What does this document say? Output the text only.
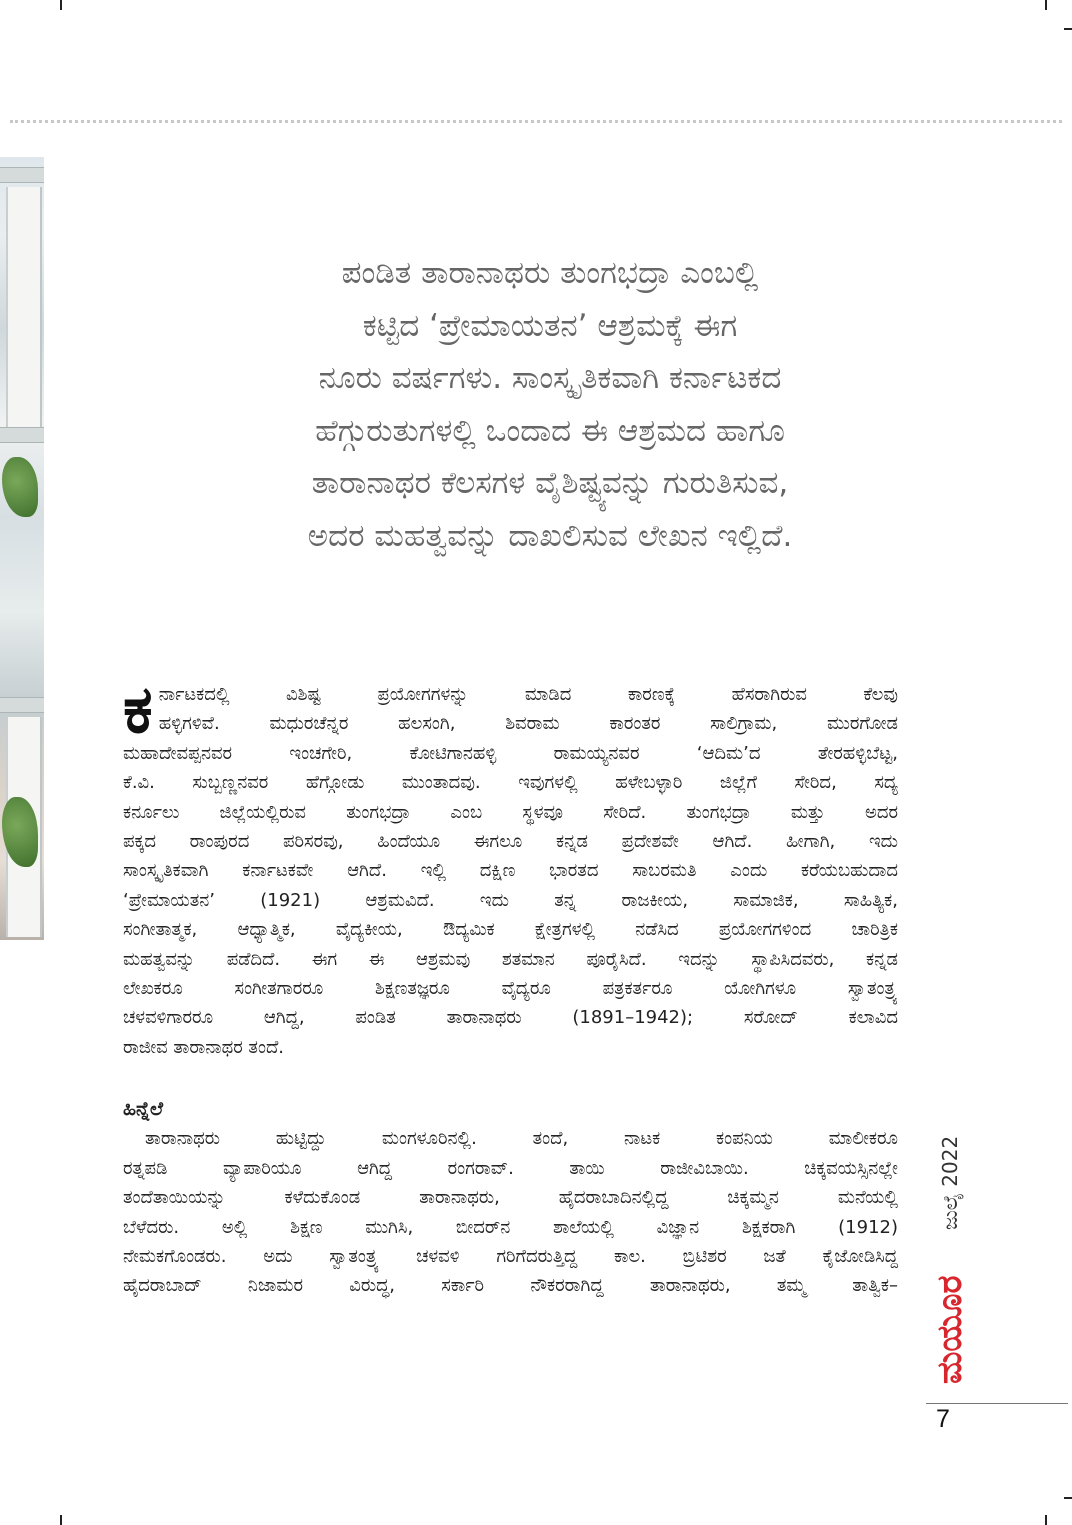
ಪಂಡಿತ ತಾರಾನಾಥರು ತುಂಗಭದ್ರಾ ಎಂಬಲ್ಲಿ
ಕಟ್ಟಿದ ‘ಪ್ರೇಮಾಯತನ’ ಆಶ್ರಮಕ್ಕೆ ಈಗ
ನೂರು ವರ್ಷಗಳು. ಸಾಂಸ್ಕೃತಿಕವಾಗಿ ಕರ್ನಾಟಕದ
ಹೆಗ್ಗುರುತುಗಳಲ್ಲಿ ಒಂದಾದ ಈ ಆಶ್ರಮದ ಹಾಗೂ
ತಾರಾನಾಥರ ಕೆಲಸಗಳ ವೈಶಿಷ್ಟ್ಯವನ್ನು ಗುರುತಿಸುವ,
ಅದರ ಮಹತ್ವವನ್ನು ದಾಖಲಿಸುವ ಲೇಖನ ಇಲ್ಲಿದೆ.
ಕ ರ್ನಾಟಕದಲ್ಲಿ ವಿಶಿಷ್ಟ ಪ್ರಯೋಗಗಳನ್ನು ಮಾಡಿದ ಕಾರಣಕ್ಕೆ ಹೆಸರಾಗಿರುವ ಕೆಲವು
ಹಳ್ಳಿಗಳಿವೆ. ಮಧುರಚೆನ್ನರ ಹಲಸಂಗಿ, ಶಿವರಾಮ ಕಾರಂತರ ಸಾಲಿಗ್ರಾಮ, ಮುರಗೋಡ
ಮಹಾದೇವಪ್ಪನವರ ಇಂಚಗೇರಿ, ಕೋಟಿಗಾನಹಳ್ಳಿ ರಾಮಯ್ಯನವರ ‘ಆದಿಮ’ದ ತೇರಹಳ್ಳಿಬೆಟ್ಟ,
ಕೆ.ವಿ. ಸುಬ್ಬಣ್ಣನವರ ಹೆಗ್ಗೋಡು ಮುಂತಾದವು. ಇವುಗಳಲ್ಲಿ ಹಳೇಬಳ್ಳಾರಿ ಜಿಲ್ಲೆಗೆ ಸೇರಿದ, ಸದ್ಯ
ಕರ್ನೂಲು ಜಿಲ್ಲೆಯಲ್ಲಿರುವ ತುಂಗಭದ್ರಾ ಎಂಬ ಸ್ಥಳವೂ ಸೇರಿದೆ. ತುಂಗಭದ್ರಾ ಮತ್ತು ಅದರ
ಪಕ್ಕದ ರಾಂಪುರದ ಪರಿಸರವು, ಹಿಂದೆಯೂ ಈಗಲೂ ಕನ್ನಡ ಪ್ರದೇಶವೇ ಆಗಿದೆ. ಹೀಗಾಗಿ, ಇದು
ಸಾಂಸ್ಕೃತಿಕವಾಗಿ ಕರ್ನಾಟಕವೇ ಆಗಿದೆ. ಇಲ್ಲಿ ದಕ್ಷಿಣ ಭಾರತದ ಸಾಬರಮತಿ ಎಂದು ಕರೆಯಬಹುದಾದ
‘ಪ್ರೇಮಾಯತನ’ (1921) ಆಶ್ರಮವಿದೆ. ಇದು ತನ್ನ ರಾಜಕೀಯ, ಸಾಮಾಜಿಕ, ಸಾಹಿತ್ಯಿಕ,
ಸಂಗೀತಾತ್ಮಕ, ಆಧ್ಯಾತ್ಮಿಕ, ವೈದ್ಯಕೀಯ, ಔದ್ಯಮಿಕ ಕ್ಷೇತ್ರಗಳಲ್ಲಿ ನಡೆಸಿದ ಪ್ರಯೋಗಗಳಿಂದ ಚಾರಿತ್ರಿಕ
ಮಹತ್ವವನ್ನು ಪಡೆದಿದೆ. ಈಗ ಈ ಆಶ್ರಮವು ಶತಮಾನ ಪೂರೈಸಿದೆ. ಇದನ್ನು ಸ್ಥಾಪಿಸಿದವರು, ಕನ್ನಡ
ಲೇಖಕರೂ ಸಂಗೀತಗಾರರೂ ಶಿಕ್ಷಣತಜ್ಞರೂ ವೈದ್ಯರೂ ಪತ್ರಕರ್ತರೂ ಯೋಗಿಗಳೂ ಸ್ವಾತಂತ್ರ್ಯ
ಚಳವಳಿಗಾರರೂ ಆಗಿದ್ದ, ಪಂಡಿತ ತಾರಾನಾಥರು (1891–1942); ಸರೋದ್ ಕಲಾವಿದ
ರಾಜೀವ ತಾರಾನಾಥರ ತಂದೆ.
ಹಿನ್ನೆಲೆ
ತಾರಾನಾಥರು ಹುಟ್ಟಿದ್ದು ಮಂಗಳೂರಿನಲ್ಲಿ. ತಂದೆ, ನಾಟಕ ಕಂಪನಿಯ ಮಾಲೀಕರೂ
ರತ್ನಪಡಿ ವ್ಯಾಪಾರಿಯೂ ಆಗಿದ್ದ ರಂಗರಾವ್. ತಾಯಿ ರಾಜೀವಿಬಾಯಿ. ಚಿಕ್ಕವಯಸ್ಸಿನಲ್ಲೇ
ತಂದೆತಾಯಿಯನ್ನು ಕಳೆದುಕೊಂಡ ತಾರಾನಾಥರು, ಹೈದರಾಬಾದಿನಲ್ಲಿದ್ದ ಚಿಕ್ಕಮ್ಮನ ಮನೆಯಲ್ಲಿ
ಬೆಳೆದರು. ಅಲ್ಲಿ ಶಿಕ್ಷಣ ಮುಗಿಸಿ, ಬೀದರ್‌ನ ಶಾಲೆಯಲ್ಲಿ ವಿಜ್ಞಾನ ಶಿಕ್ಷಕರಾಗಿ (1912)
ನೇಮಕಗೊಂಡರು. ಅದು ಸ್ವಾತಂತ್ರ್ಯ ಚಳವಳಿ ಗರಿಗೆದರುತ್ತಿದ್ದ ಕಾಲ. ಬ್ರಿಟಿಶರ ಜತೆ ಕೈಜೋಡಿಸಿದ್ದ
ಹೈದರಾಬಾದ್ ನಿಜಾಮರ ವಿರುದ್ಧ, ಸರ್ಕಾರಿ ನೌಕರರಾಗಿದ್ದ ತಾರಾನಾಥರು, ತಮ್ಮ ತಾತ್ವಿಕ–
ಜುಲೈ 2022
ಮಯೂರ
7
